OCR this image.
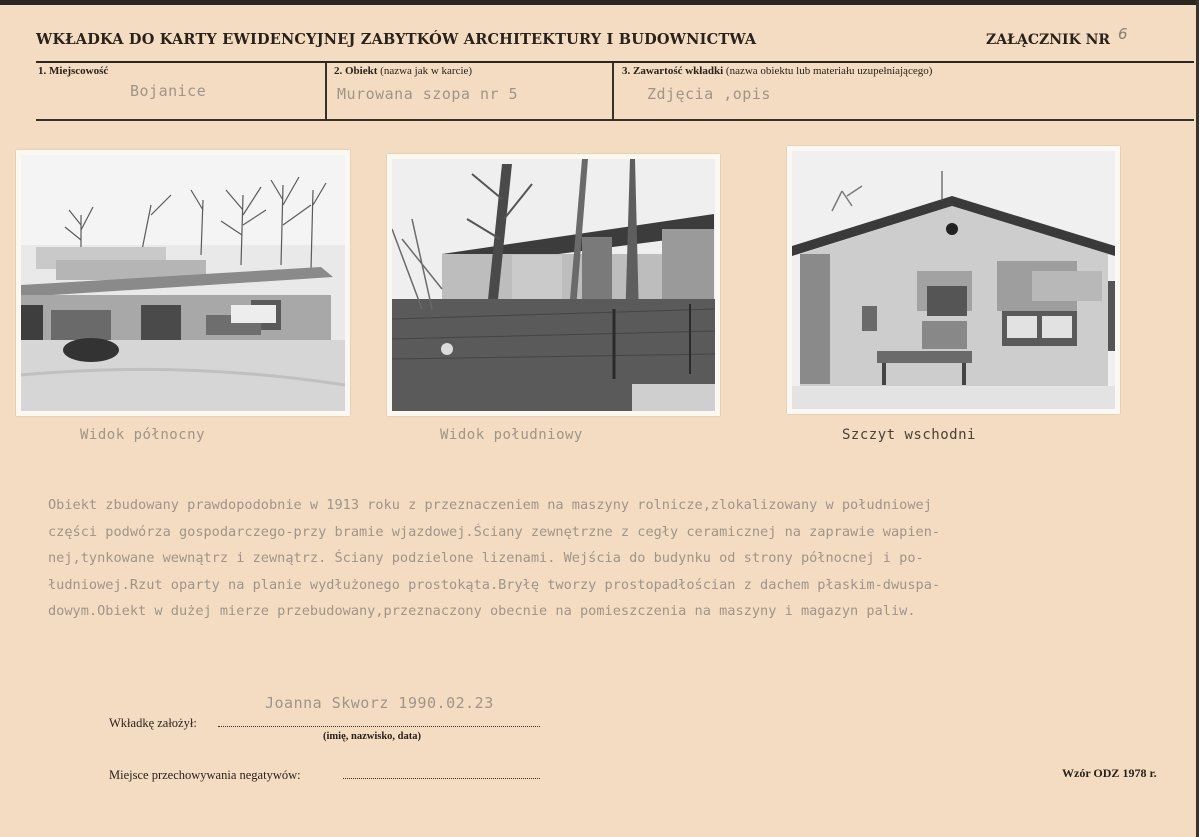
WKŁADKA DO KARTY EWIDENCYJNEJ ZABYTKÓW ARCHITEKTURY I BUDOWNICTWA	ZAŁĄCZNIK NR 6
1. Miejscowość
Bojanice
2. Obiekt (nazwa jak w karcie)
Murowana szopa nr 5
3. Zawartość wkładki (nazwa obiektu lub materiału uzupełniającego)
Zdjęcia ,opis
Widok północny	Widok południowy	Szczyt wschodni
Obiekt zbudowany prawdopodobnie w 1913 roku z przeznaczeniem na maszyny rolnicze,zlokalizowany w południowej
części podwórza gospodarczego-przy bramie wjazdowej.Ściany zewnętrzne z cegły ceramicznej na zaprawie wapien-
nej,tynkowane wewnątrz i zewnątrz. Ściany podzielone lizenami. Wejścia do budynku od strony północnej i po-
łudniowej.Rzut oparty na planie wydłużonego prostokąta.Bryłę tworzy prostopadłościan z dachem płaskim-dwuspa-
dowym.Obiekt w dużej mierze przebudowany,przeznaczony obecnie na pomieszczenia na maszyny i magazyn paliw.
Joanna Skworz 1990.02.23
Wkładkę założył:
(imię, nazwisko, data)
Miejsce przechowywania negatywów:	Wzór ODZ 1978 r.
